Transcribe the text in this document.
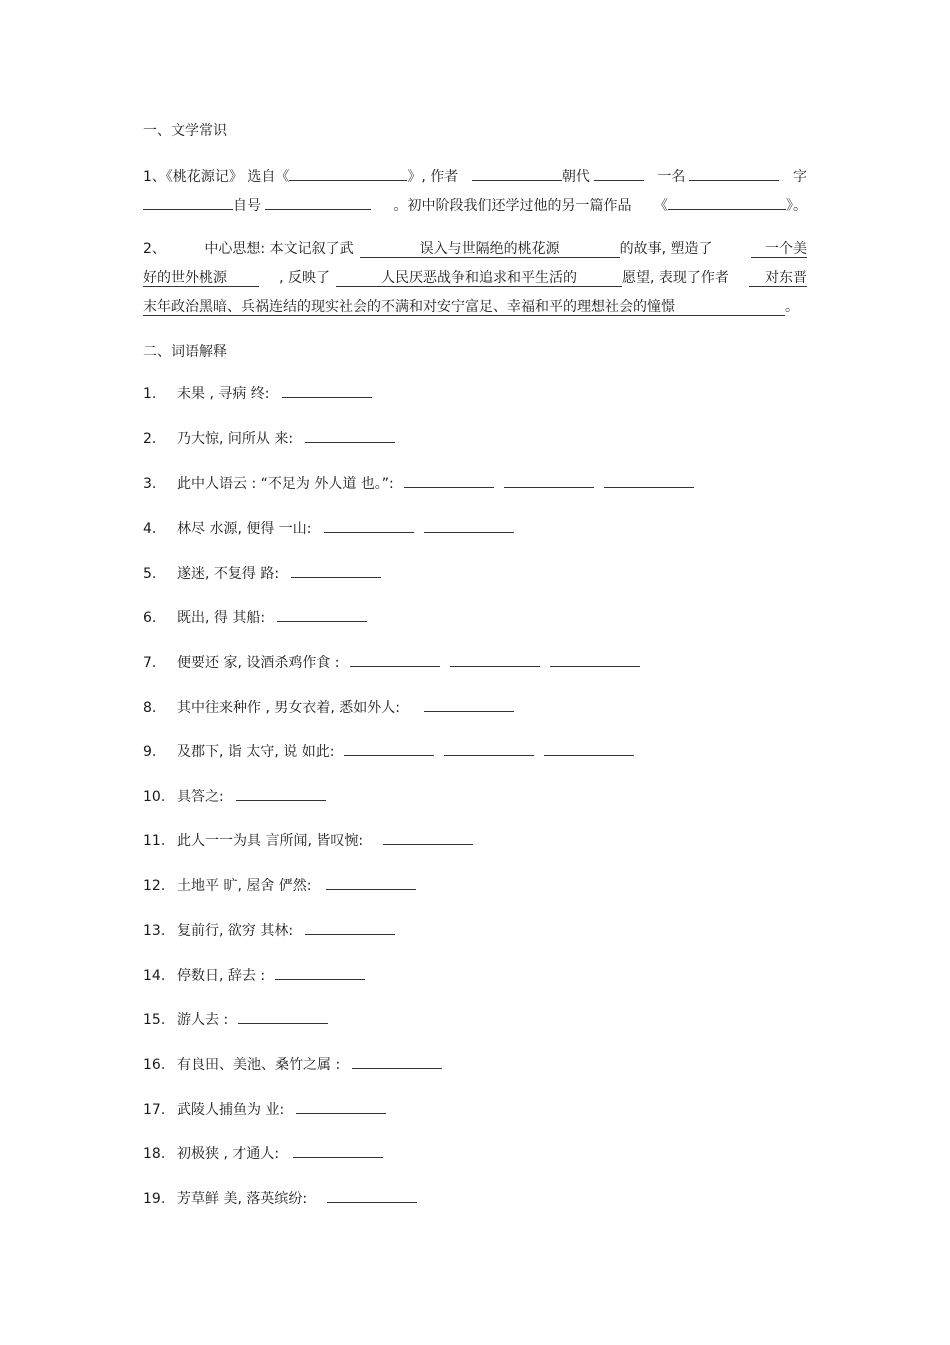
一、文学常识
1、《桃花源记》 选自《	》, 作者	朝代	一名	字
自号	。初中阶段我们还学过他的另一篇作品 《	》。
2、	中心思想: 本文记叙了武	误入与世隔绝的桃花源	的故事, 塑造了	一个美
好的世外桃源	, 反映了	人民厌恶战争和追求和平生活的	愿望, 表现了作者	对东晋
末年政治黑暗、兵祸连结的现实社会的不满和对安宁富足、幸福和平的理想社会的憧憬	。
二、词语解释
1. 未果 , 寻病 终:
2. 乃大惊, 问所从 来:
3. 此中人语云 : “不足为 外人道 也。”:
4. 林尽 水源, 便得 一山:
5. 遂迷, 不复得 路:
6. 既出, 得 其船:
7. 便要还 家, 设酒杀鸡作食 :
8. 其中往来种作 , 男女衣着, 悉如外人:
9. 及郡下, 诣 太守, 说 如此:
10. 具答之:
11. 此人一一为具 言所闻, 皆叹惋:
12. 土地平 旷, 屋舍 俨然:
13. 复前行, 欲穷 其林:
14. 停数日, 辞去 :
15. 游人去 :
16. 有良田、美池、桑竹之属 :
17. 武陵人捕鱼为 业:
18. 初极狭 , 才通人:
19. 芳草鲜 美, 落英缤纷:
